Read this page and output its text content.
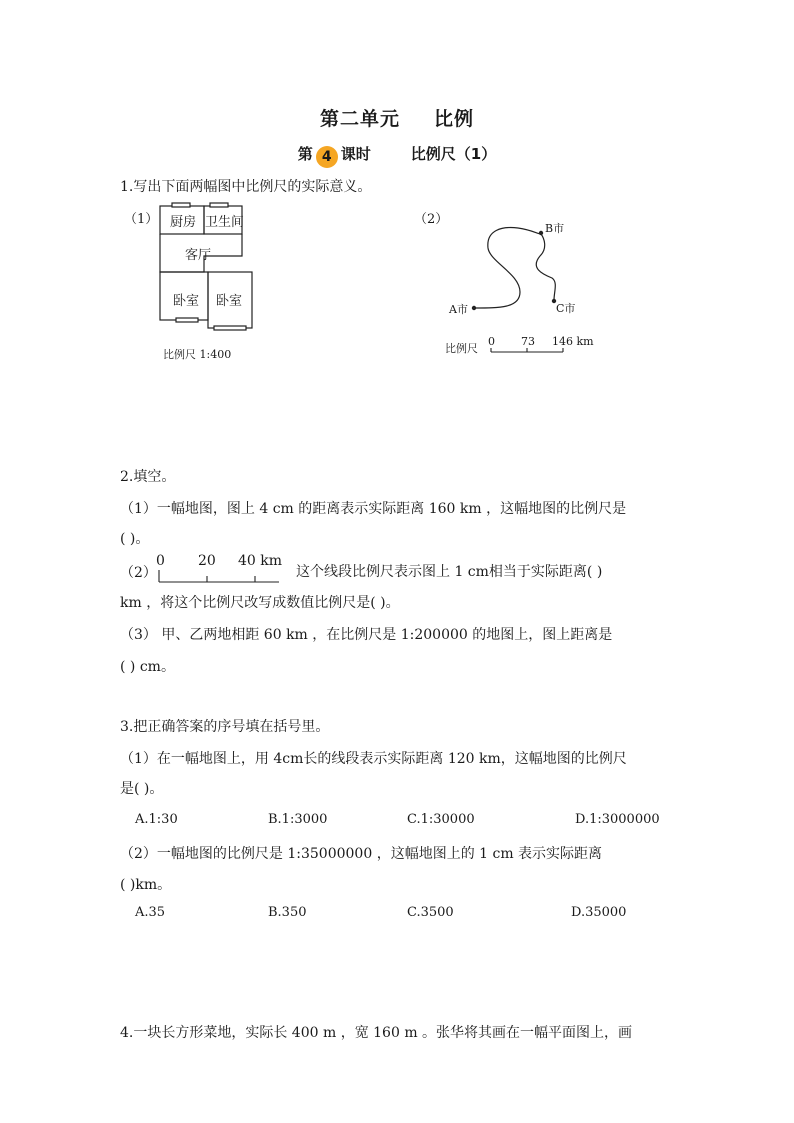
第二单元 比例
第 4 课时	比例尺（1）
1.写出下面两幅图中比例尺的实际意义。
（1） 厨房 卫生间
客厅
卧室 卧室
比例尺 1:400
（2）
B市
A市	C市
比例尺
0 73 146 km
2.填空。
（1）一幅地图，图上 4 cm 的距离表示实际距离 160 km ，这幅地图的比例尺是
( )。
（2）
0 20 40 km
这个线段比例尺表示图上 1 cm相当于实际距离( )
km ，将这个比例尺改写成数值比例尺是( )。
（3） 甲、乙两地相距 60 km ，在比例尺是 1:200000 的地图上，图上距离是
( ) cm。
3.把正确答案的序号填在括号里。
（1）在一幅地图上，用 4cm长的线段表示实际距离 120 km，这幅地图的比例尺
是( )。
A.1:30	B.1:3000	C.1:30000	D.1:3000000
（2）一幅地图的比例尺是 1:35000000 ，这幅地图上的 1 cm 表示实际距离
( )km。
A.35	B.350	C.3500	D.35000
4.一块长方形菜地，实际长 400 m ，宽 160 m 。张华将其画在一幅平面图上，画
